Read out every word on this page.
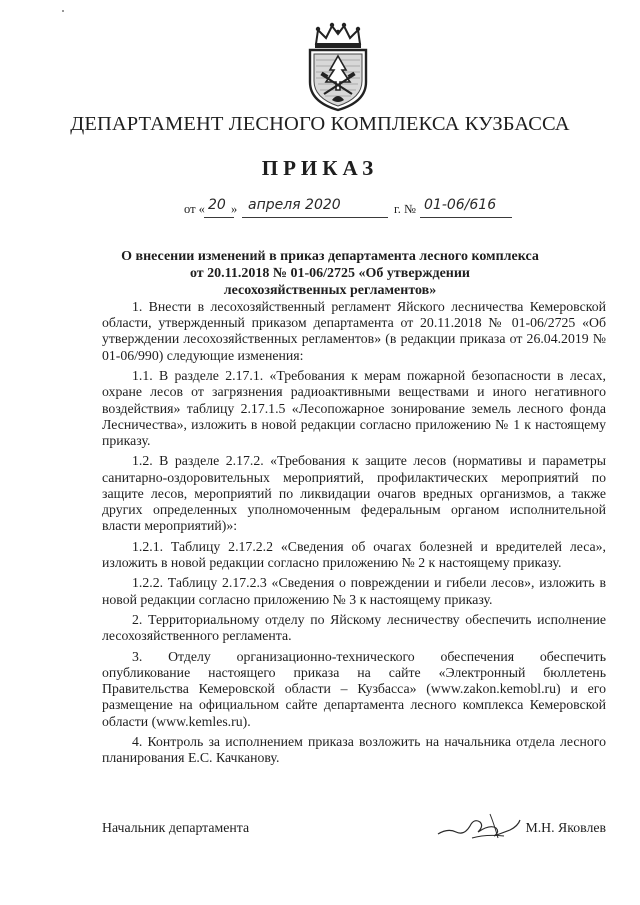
ДЕПАРТАМЕНТ ЛЕСНОГО КОМПЛЕКСА КУЗБАССА
ПРИКАЗ
от « 20 » апреля 2020	г. № 01-06/616
О внесении изменений в приказ департамента лесного комплекса
от 20.11.2018 № 01-06/2725 «Об утверждении
лесохозяйственных регламентов»

1. Внести в лесохозяйственный регламент Яйского лесничества Кемеровской области, утвержденный приказом департамента от 20.11.2018 № 01-06/2725 «Об утверждении лесохозяйственных регламентов» (в редакции приказа от 26.04.2019 № 01-06/990) следующие изменения:

1.1. В разделе 2.17.1. «Требования к мерам пожарной безопасности в лесах, охране лесов от загрязнения радиоактивными веществами и иного негативного воздействия» таблицу 2.17.1.5 «Лесопожарное зонирование земель лесного фонда Лесничества», изложить в новой редакции согласно приложению № 1 к настоящему приказу.

1.2. В разделе 2.17.2. «Требования к защите лесов (нормативы и параметры санитарно-оздоровительных мероприятий, профилактических мероприятий по защите лесов, мероприятий по ликвидации очагов вредных организмов, а также других определенных уполномоченным федеральным органом исполнительной власти мероприятий)»:

1.2.1. Таблицу 2.17.2.2 «Сведения об очагах болезней и вредителей леса», изложить в новой редакции согласно приложению № 2 к настоящему приказу.

1.2.2. Таблицу 2.17.2.3 «Сведения о повреждении и гибели лесов», изложить в новой редакции согласно приложению № 3 к настоящему приказу.

2. Территориальному отделу по Яйскому лесничеству обеспечить исполнение лесохозяйственного регламента.

3. Отделу организационно-технического обеспечения обеспечить опубликование настоящего приказа на сайте «Электронный бюллетень Правительства Кемеровской области – Кузбасса» (www.zakon.kemobl.ru) и его размещение на официальном сайте департамента лесного комплекса Кемеровской области (www.kemles.ru).

4. Контроль за исполнением приказа возложить на начальника отдела лесного планирования Е.С. Качканову.

Начальник департамента	М.Н. Яковлев
